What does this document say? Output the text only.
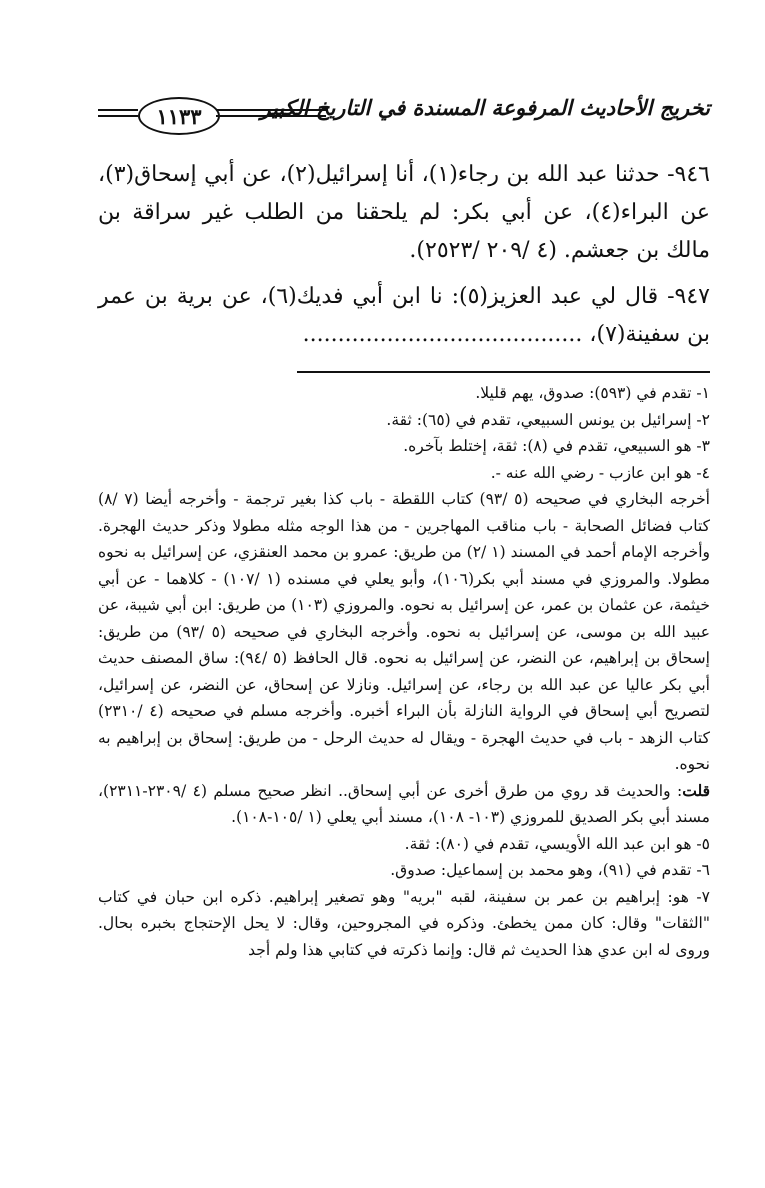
١١٣٣	تخريج الأحاديث المرفوعة المسندة في التاريخ الكبير

٩٤٦- حدثنا عبد الله بن رجاء(١)، أنا إسرائيل(٢)، عن أبي إسحاق(٣)، عن البراء(٤)، عن أبي بكر: لم يلحقنا من الطلب غير سراقة بن مالك بن جعشم. (٤ /٢٠٩ /٢٥٢٣).

٩٤٧- قال لي عبد العزيز(٥): نا ابن أبي فديك(٦)، عن برية بن عمر بن سفينة(٧)، ........................................

١- تقدم في (٥٩٣): صدوق، يهم قليلا.

٢- إسرائيل بن يونس السبيعي، تقدم في (٦٥): ثقة.

٣- هو السبيعي، تقدم في (٨): ثقة، إختلط بآخره.

٤- هو ابن عازب - رضي الله عنه -.

أخرجه البخاري في صحيحه (٥ /٩٣) كتاب اللقطة - باب كذا بغير ترجمة - وأخرجه أيضا (٧ /٨) كتاب فضائل الصحابة - باب مناقب المهاجرين - من هذا الوجه مثله مطولا وذكر حديث الهجرة. وأخرجه الإمام أحمد في المسند (١ /٢) من طريق: عمرو بن محمد العنقزي، عن إسرائيل به نحوه مطولا. والمروزي في مسند أبي بكر(١٠٦)، وأبو يعلي في مسنده (١ /١٠٧) - كلاهما - عن أبي خيثمة، عن عثمان بن عمر، عن إسرائيل به نحوه. والمروزي (١٠٣) من طريق: ابن أبي شيبة، عن عبيد الله بن موسى، عن إسرائيل به نحوه. وأخرجه البخاري في صحيحه (٥ /٩٣) من طريق: إسحاق بن إبراهيم، عن النضر، عن إسرائيل به نحوه. قال الحافظ (٥ /٩٤): ساق المصنف حديث أبي بكر عاليا عن عبد الله بن رجاء، عن إسرائيل. ونازلا عن إسحاق، عن النضر، عن إسرائيل، لتصريح أبي إسحاق في الرواية النازلة بأن البراء أخبره. وأخرجه مسلم في صحيحه (٤ /٢٣١٠) كتاب الزهد - باب في حديث الهجرة - ويقال له حديث الرحل - من طريق: إسحاق بن إبراهيم به نحوه.

قلت: والحديث قد روي من طرق أخرى عن أبي إسحاق.. انظر صحيح مسلم (٤ /٢٣٠٩-٢٣١١)، مسند أبي بكر الصديق للمروزي (١٠٣- ١٠٨)، مسند أبي يعلي (١ /١٠٥-١٠٨).

٥- هو ابن عبد الله الأويسي، تقدم في (٨٠): ثقة.

٦- تقدم في (٩١)، وهو محمد بن إسماعيل: صدوق.

٧- هو: إبراهيم بن عمر بن سفينة، لقبه "بريه" وهو تصغير إبراهيم. ذكره ابن حبان في كتاب "الثقات" وقال: كان ممن يخطئ. وذكره في المجروحين، وقال: لا يحل الإحتجاج بخبره بحال. وروى له ابن عدي هذا الحديث ثم قال: وإنما ذكرته في كتابي هذا ولم أجد
